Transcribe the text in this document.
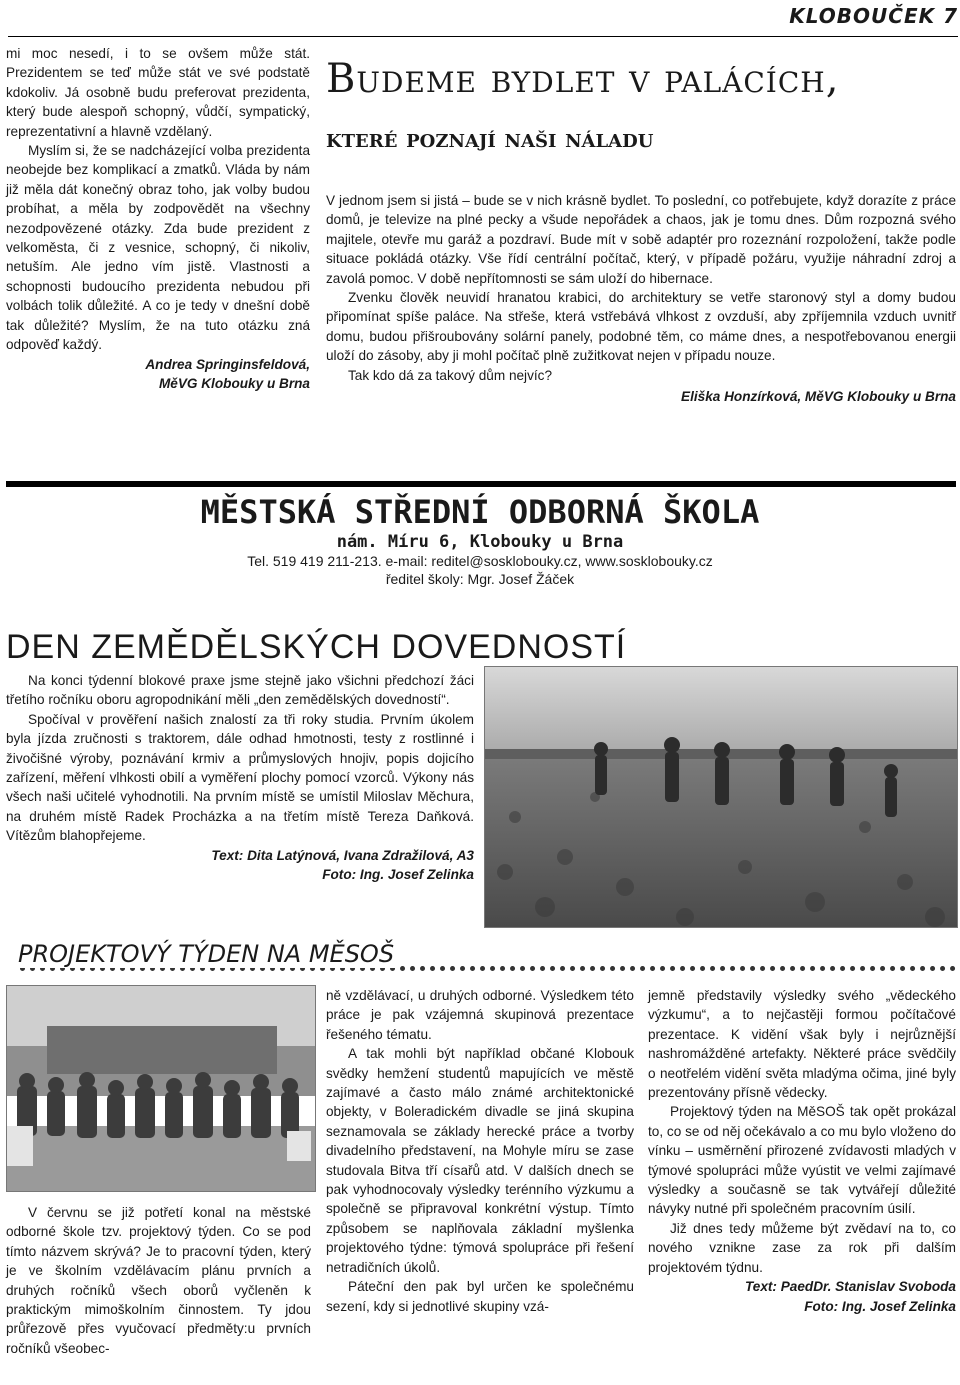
KLOBOUČEK 7

mi moc nesedí, i to se ovšem může stát. Prezidentem se teď může stát ve své podstatě kdokoliv. Já osobně budu preferovat prezidenta, který bude alespoň schopný, vůdčí, sympatický, reprezentativní a hlavně vzdělaný.

Myslím si, že se nadcházející volba prezidenta neobejde bez komplikací a zmatků. Vláda by nám již měla dát konečný obraz toho, jak volby budou probíhat, a měla by zodpovědět na všechny nezodpovězené otázky. Zda bude prezident z velkoměsta, či z vesnice, schopný, či nikoliv, netuším. Ale jedno vím jistě. Vlastnosti a schopnosti budoucího prezidenta nebudou při volbách tolik důležité. A co je tedy v dnešní době tak důležité? Myslím, že na tuto otázku zná odpověď každý.

Andrea Springinsfeldová,

MěVG Klobouky u Brna

Budeme bydlet v palácích,
které poznají naši náladu

V jednom jsem si jistá – bude se v nich krásně bydlet. To poslední, co potřebujete, když dorazíte z práce domů, je televize na plné pecky a všude nepořádek a chaos, jak je tomu dnes. Dům rozpozná svého majitele, otevře mu garáž a pozdraví. Bude mít v sobě adaptér pro rozeznání rozpoložení, takže podle situace pokládá otázky. Vše řídí centrální počítač, který, v případě požáru, využije náhradní zdroj a zavolá pomoc. V době nepřítomnosti se sám uloží do hibernace.

Zvenku člověk neuvidí hranatou krabici, do architektury se vetře staronový styl a domy budou připomínat spíše paláce. Na střeše, která vstřebává vlhkost z ovzduší, aby zpříjemnila vzduch uvnitř domu, budou přišroubovány solární panely, podobné těm, co máme dnes, a nespotřebovanou energii uloží do zásoby, aby ji mohl počítač plně zužitkovat nejen v případu nouze.

Tak kdo dá za takový dům nejvíc?

Eliška Honzírková, MěVG Klobouky u Brna

MĚSTSKÁ STŘEDNÍ ODBORNÁ ŠKOLA
nám. Míru 6, Klobouky u Brna
Tel. 519 419 211-213. e-mail: reditel@sosklobouky.cz, www.sosklobouky.cz
ředitel školy: Mgr. Josef Žáček
DEN ZEMĚDĚLSKÝCH DOVEDNOSTÍ

Na konci týdenní blokové praxe jsme stejně jako všichni předchozí žáci třetího ročníku oboru agropodnikání měli „den zemědělských dovedností“.

Spočíval v prověření našich znalostí za tři roky studia. Prvním úkolem byla jízda zručnosti s traktorem, dále odhad hmotnosti, testy z rostlinné i živočišné výroby, poznávání krmiv a průmyslových hnojiv, popis dojicího zařízení, měření vlhkosti obilí a vyměření plochy pomocí vzorců. Výkony nás všech naši učitelé vyhodnotili. Na prvním místě se umístil Miloslav Měchura, na druhém místě Radek Procházka a na třetím místě Tereza Daňková. Vítězům blahopřejeme.

Text: Dita Latýnová, Ivana Zdražilová, A3

Foto: Ing. Josef Zelinka

PROJEKTOVÝ TÝDEN NA MĚSOŠ

V červnu se již potřetí konal na městské odborné škole tzv. projektový týden. Co se pod tímto názvem skrývá? Je to pracovní týden, který je ve školním vzdělávacím plánu prvních a druhých ročníků všech oborů vyčleněn k praktickým mimoškolním činnostem. Ty jdou průřezově přes vyučovací předměty:u prvních ročníků všeobec-

ně vzdělávací, u druhých odborné. Výsledkem této práce je pak vzájemná skupinová prezentace řešeného tématu.

A tak mohli být například občané Klobouk svědky hemžení studentů mapujících ve městě zajímavé a často málo známé architektonické objekty, v Boleradickém divadle se jiná skupina seznamovala se základy herecké práce a tvorby divadelního představení, na Mohyle míru se zase studovala Bitva tří císařů atd. V dalších dnech se pak vyhodnocovaly výsledky terénního výzkumu a společně se připravoval konkrétní výstup. Tímto způsobem se naplňovala základní myšlenka projektového týdne: týmová spolupráce při řešení netradičních úkolů.

Páteční den pak byl určen ke společnému sezení, kdy si jednotlivé skupiny vzá-

jemně představily výsledky svého „vědeckého výzkumu“, a to nejčastěji formou počítačové prezentace. K vidění však byly i nejrůznější nashromážděné artefakty. Některé práce svědčily o neotřelém vidění světa mladýma očima, jiné byly prezentovány přísně vědecky.

Projektový týden na MěSOŠ tak opět prokázal to, co se od něj očekávalo a co mu bylo vloženo do vínku – usměrnění přirozené zvídavosti mladých v týmové spolupráci může vyústit ve velmi zajímavé výsledky a současně se tak vytvářejí důležité návyky nutné při společném pracovním úsilí.

Již dnes tedy můžeme být zvědaví na to, co nového vznikne zase za rok při dalším projektovém týdnu.

Text: PaedDr. Stanislav Svoboda

Foto: Ing. Josef Zelinka
